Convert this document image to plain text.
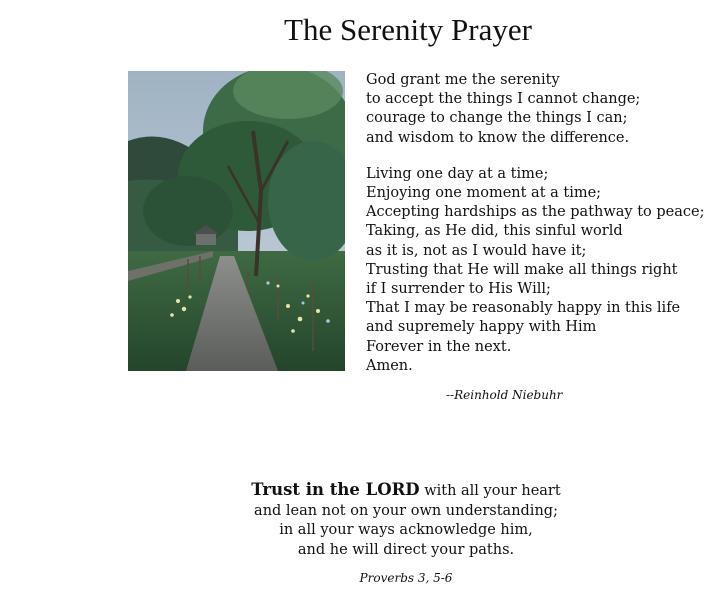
The Serenity Prayer

God grant me the serenity
to accept the things I cannot change;
courage to change the things I can;
and wisdom to know the difference.

Living one day at a time;
Enjoying one moment at a time;
Accepting hardships as the pathway to peace;
Taking, as He did, this sinful world
as it is, not as I would have it;
Trusting that He will make all things right
if I surrender to His Will;
That I may be reasonably happy in this life
and supremely happy with Him
Forever in the next.
Amen.

--Reinhold Niebuhr
Trust in the LORD with all your heart
and lean not on your own understanding;
in all your ways acknowledge him,
and he will direct your paths.
Proverbs 3, 5-6
